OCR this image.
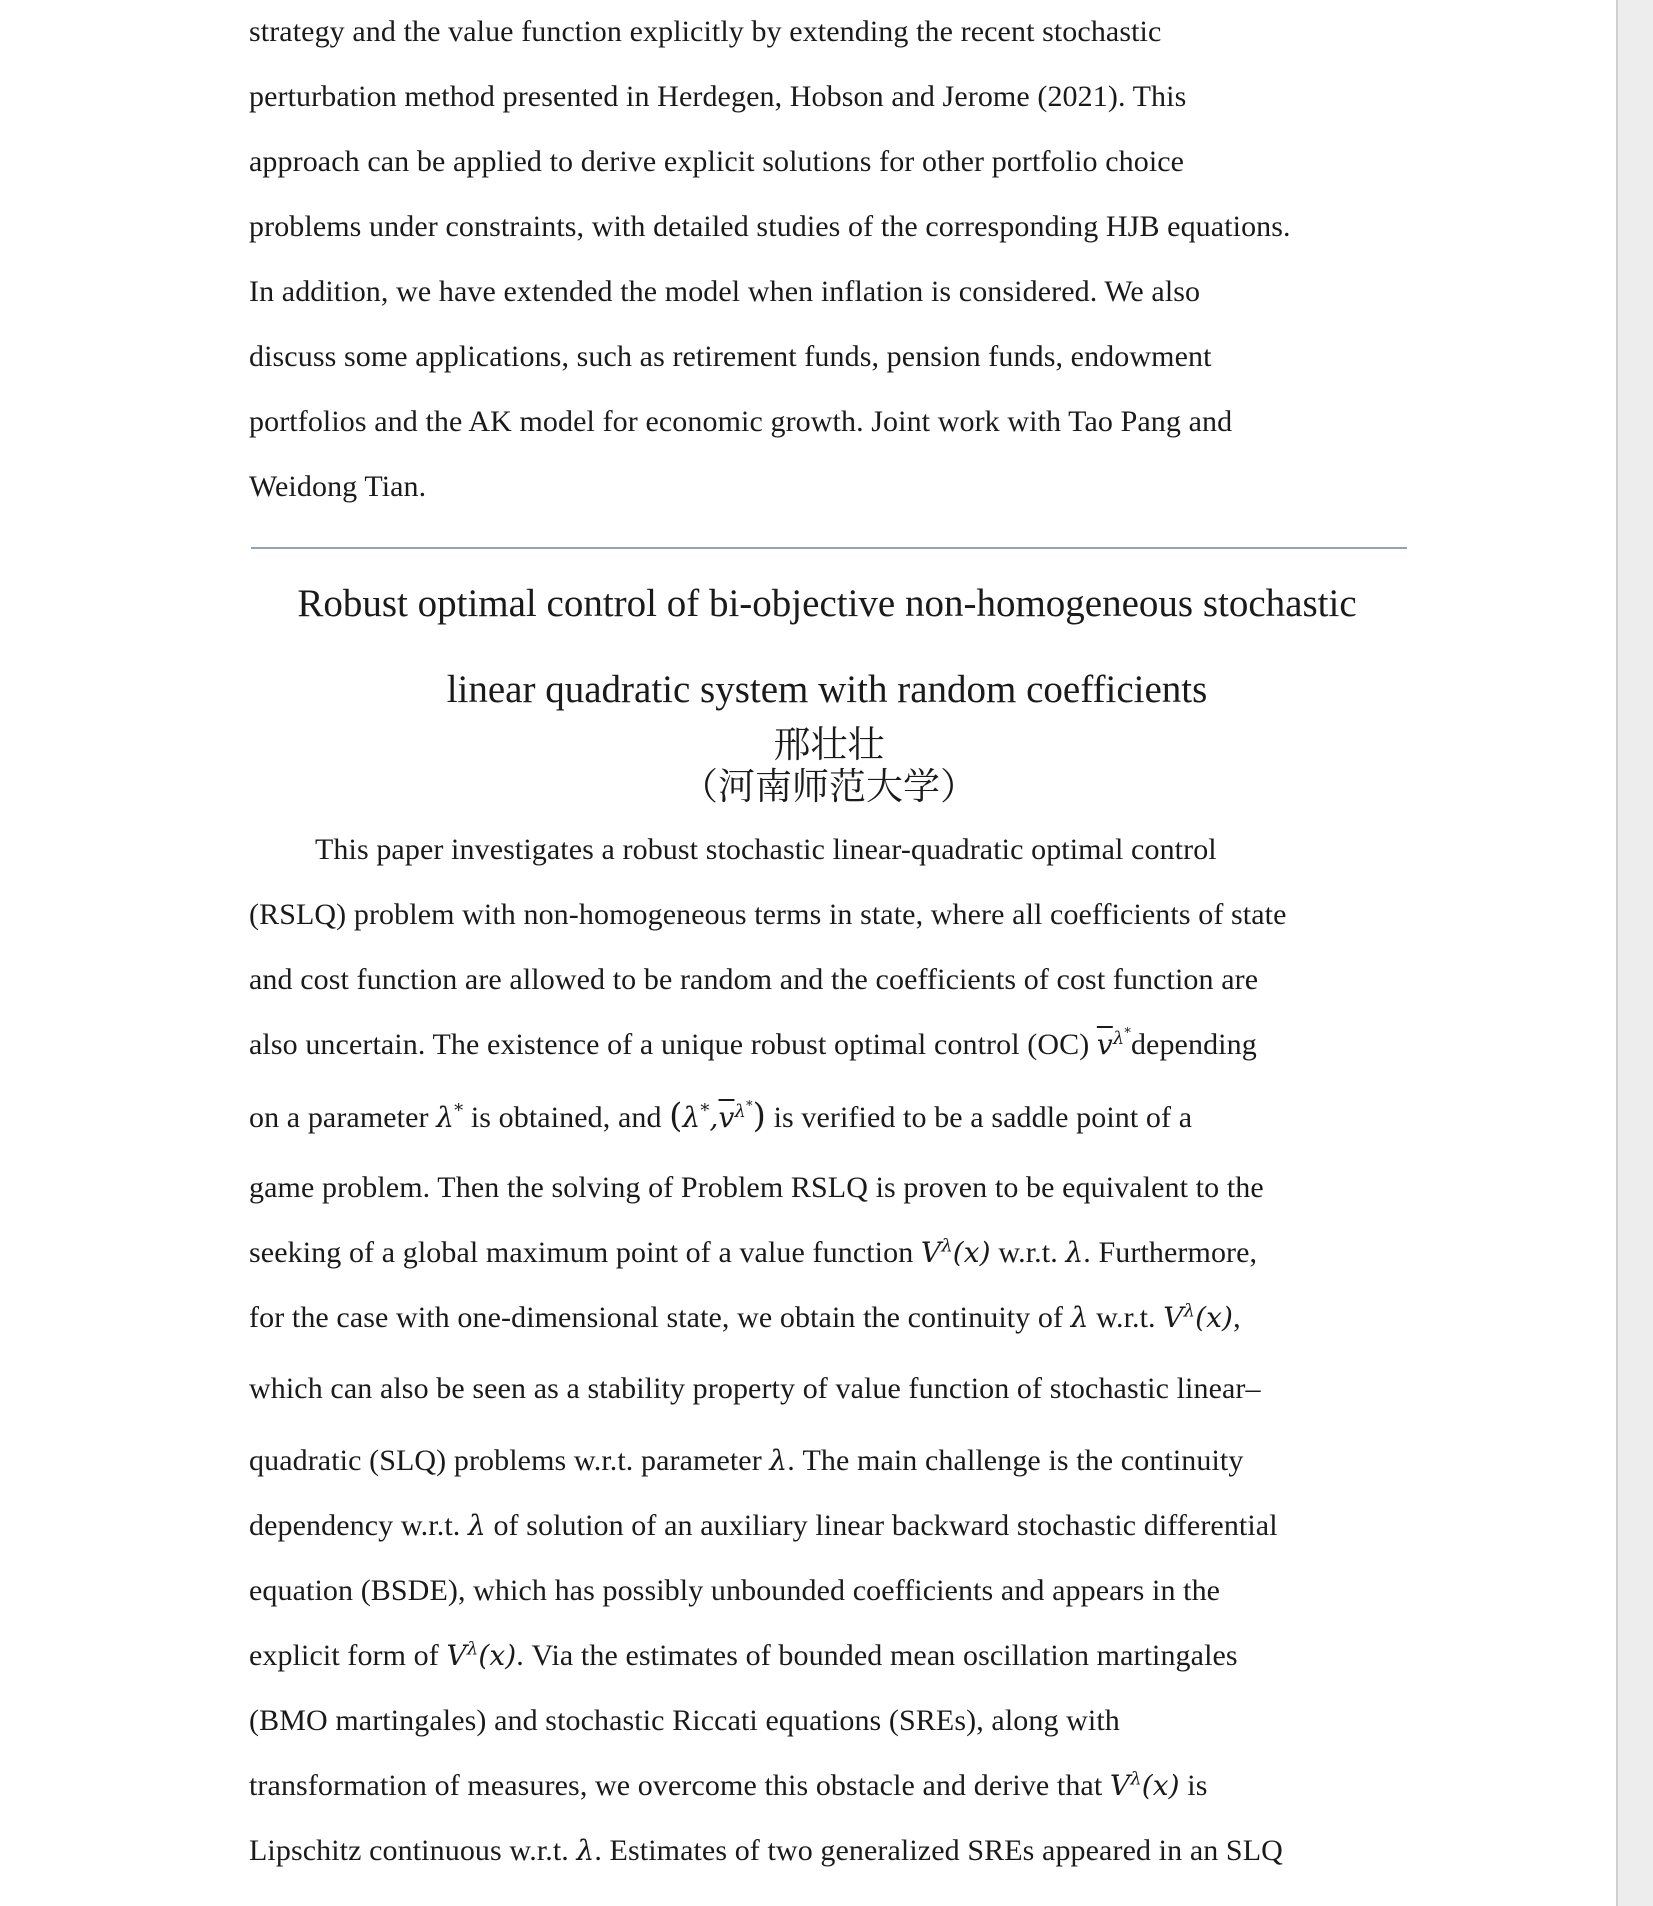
strategy and the value function explicitly by extending the recent stochastic
perturbation method presented in Herdegen, Hobson and Jerome (2021). This
approach can be applied to derive explicit solutions for other portfolio choice
problems under constraints, with detailed studies of the corresponding HJB equations.
In addition, we have extended the model when inflation is considered. We also
discuss some applications, such as retirement funds, pension funds, endowment
portfolios and the AK model for economic growth. Joint work with Tao Pang and
Weidong Tian.
Robust optimal control of bi-objective non-homogeneous stochastic
linear quadratic system with random coefficients
邢壮壮
（河南师范大学）
This paper investigates a robust stochastic linear-quadratic optimal control
(RSLQ) problem with non-homogeneous terms in state, where all coefficients of state
and cost function are allowed to be random and the coefficients of cost function are
also uncertain. The existence of a unique robust optimal control (OC) $\overline{v}^{\lambda^*}depending$
on a parameter λ* is obtained, and $(\lambda^*,\overline{v}^{\lambda^*})$ is verified to be a saddle point of a
game problem. Then the solving of Problem RSLQ is proven to be equivalent to the
seeking of a global maximum point of a value function $V^\lambda(x)$ w.r.t. λ. Furthermore,
for the case with one-dimensional state, we obtain the continuity of λ w.r.t. $V^\lambda(x)$,
which can also be seen as a stability property of value function of stochastic linear–
quadratic (SLQ) problems w.r.t. parameter λ. The main challenge is the continuity
dependency w.r.t. λ of solution of an auxiliary linear backward stochastic differential
equation (BSDE), which has possibly unbounded coefficients and appears in the
explicit form of $V^\lambda(x)$. Via the estimates of bounded mean oscillation martingales
(BMO martingales) and stochastic Riccati equations (SREs), along with
transformation of measures, we overcome this obstacle and derive that $V^\lambda(x)$ is
Lipschitz continuous w.r.t. λ. Estimates of two generalized SREs appeared in an SLQ
